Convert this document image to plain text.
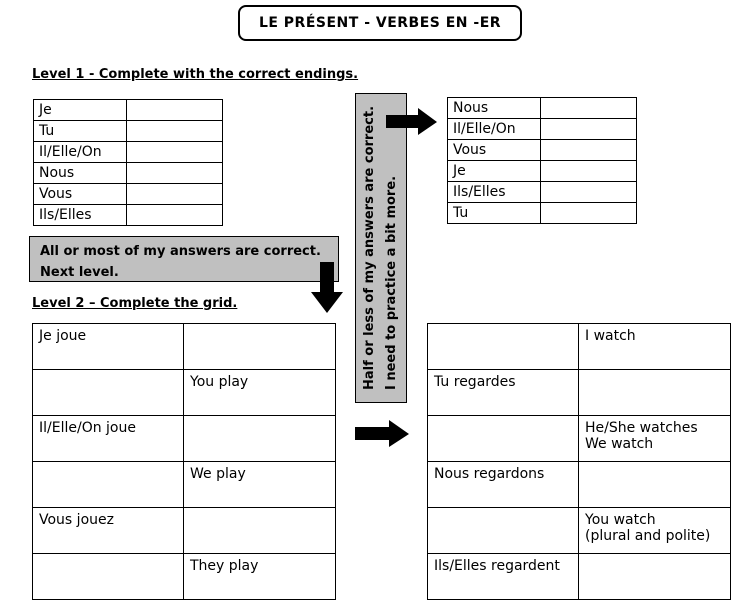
LE PRÉSENT - VERBES EN -ER
Level 1 - Complete with the correct endings.
Je	
Tu	
Il/Elle/On	
Nous	
Vous	
Ils/Elles	
Nous	
Il/Elle/On	
Vous	
Je	
Ils/Elles	
Tu	
All or most of my answers are correct.
Next level.	Half or less of my answers are correct. I need to practice a bit more.
Level 2 – Complete the grid.
Je joue	
	You play
Il/Elle/On joue	
	We play
Vous jouez	
	They play
	I watch
Tu regardes	
	He/She watches
We watch
Nous regardons	
	You watch
(plural and polite)
Ils/Elles regardent	
